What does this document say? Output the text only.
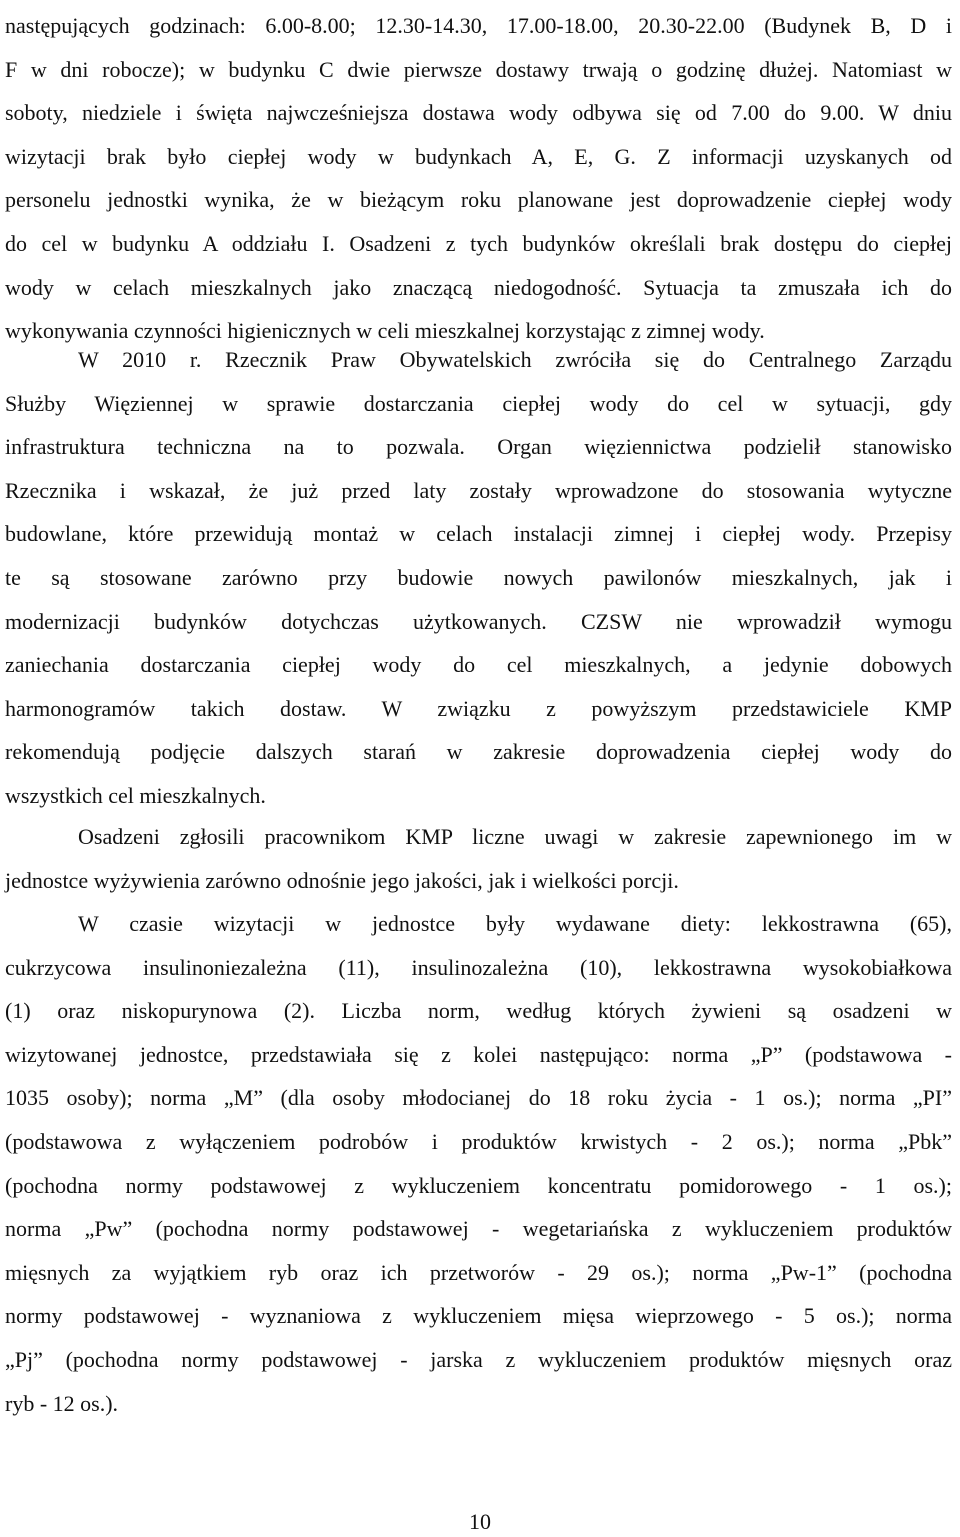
następujących godzinach: 6.00-8.00; 12.30-14.30, 17.00-18.00, 20.30-22.00 (Budynek B, D i
F w dni robocze); w budynku C dwie pierwsze dostawy trwają o godzinę dłużej. Natomiast w
soboty, niedziele i święta najwcześniejsza dostawa wody odbywa się od 7.00 do 9.00. W dniu
wizytacji brak było ciepłej wody w budynkach A, E, G. Z informacji uzyskanych od
personelu jednostki wynika, że w bieżącym roku planowane jest doprowadzenie ciepłej wody
do cel w budynku A oddziału I. Osadzeni z tych budynków określali brak dostępu do ciepłej
wody w celach mieszkalnych jako znaczącą niedogodność. Sytuacja ta zmuszała ich do
wykonywania czynności higienicznych w celi mieszkalnej korzystając z zimnej wody.
W 2010 r. Rzecznik Praw Obywatelskich zwróciła się do Centralnego Zarządu
Służby Więziennej w sprawie dostarczania ciepłej wody do cel w sytuacji, gdy
infrastruktura techniczna na to pozwala. Organ więziennictwa podzielił stanowisko
Rzecznika i wskazał, że już przed laty zostały wprowadzone do stosowania wytyczne
budowlane, które przewidują montaż w celach instalacji zimnej i ciepłej wody. Przepisy
te są stosowane zarówno przy budowie nowych pawilonów mieszkalnych, jak i
modernizacji budynków dotychczas użytkowanych. CZSW nie wprowadził wymogu
zaniechania dostarczania ciepłej wody do cel mieszkalnych, a jedynie dobowych
harmonogramów takich dostaw. W związku z powyższym przedstawiciele KMP
rekomendują podjęcie dalszych starań w zakresie doprowadzenia ciepłej wody do
wszystkich cel mieszkalnych.
Osadzeni zgłosili pracownikom KMP liczne uwagi w zakresie zapewnionego im w
jednostce wyżywienia zarówno odnośnie jego jakości, jak i wielkości porcji.
W czasie wizytacji w jednostce były wydawane diety: lekkostrawna (65),
cukrzycowa insulinoniezależna (11), insulinozależna (10), lekkostrawna wysokobiałkowa
(1) oraz niskopurynowa (2). Liczba norm, według których żywieni są osadzeni w
wizytowanej jednostce, przedstawiała się z kolei następująco: norma „P” (podstawowa -
1035 osoby); norma „M” (dla osoby młodocianej do 18 roku życia - 1 os.); norma „PI”
(podstawowa z wyłączeniem podrobów i produktów krwistych - 2 os.); norma „Pbk”
(pochodna normy podstawowej z wykluczeniem koncentratu pomidorowego - 1 os.);
norma „Pw” (pochodna normy podstawowej - wegetariańska z wykluczeniem produktów
mięsnych za wyjątkiem ryb oraz ich przetworów - 29 os.); norma „Pw-1” (pochodna
normy podstawowej - wyznaniowa z wykluczeniem mięsa wieprzowego - 5 os.); norma
„Pj” (pochodna normy podstawowej - jarska z wykluczeniem produktów mięsnych oraz
ryb - 12 os.).
10
